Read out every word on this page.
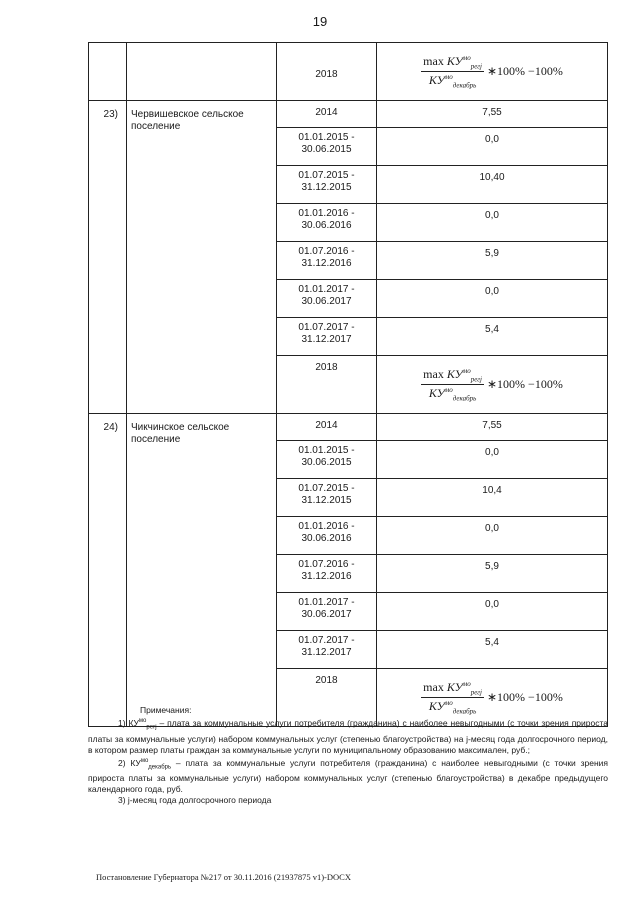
19
		2018	$\max КУ^{мо}_{pегj}$
$КУ^{мо}_{декабрь}$
∗100% −100%

23)	Червишевское сельское поселение	2014	7,55
		01.01.2015 - 30.06.2015	0,0
		01.07.2015 - 31.12.2015	10,40
		01.01.2016 - 30.06.2016	0,0
		01.07.2016 - 31.12.2016	5,9
		01.01.2017 - 30.06.2017	0,0
		01.07.2017 - 31.12.2017	5,4
		2018	$\max КУ^{мо}_{pегj}$
$КУ^{мо}_{декабрь}$
∗100% −100%

24)	Чикчинское сельское поселение	2014	7,55
		01.01.2015 - 30.06.2015	0,0
		01.07.2015 - 31.12.2015	10,4
		01.01.2016 - 30.06.2016	0,0
		01.07.2016 - 31.12.2016	5,9
		01.01.2017 - 30.06.2017	0,0
		01.07.2017 - 31.12.2017	5,4
		2018	$\max КУ^{мо}_{pегj}$
$КУ^{мо}_{декабрь}$
∗100% −100%
Примечания:
1) $КУ^{мо}_{pегj}$ – плата за коммунальные услуги потребителя (гражданина) с наиболее невыгодными (с точки зрения прироста платы за коммунальные услуги) набором коммунальных услуг (степенью благоустройства) на j-месяц года долгосрочного период, в котором размер платы граждан за коммунальные услуги по муниципальному образованию максимален, руб.;
2) $КУ^{мо}_{декабрь}$ – плата за коммунальные услуги потребителя (гражданина) с наиболее невыгодными (с точки зрения прироста платы за коммунальные услуги) набором коммунальных услуг (степенью благоустройства) в декабре предыдущего календарного года, руб.
3) j-месяц года долгосрочного периода
Постановление Губернатора №217 от 30.11.2016 (21937875 v1)-DOCX
